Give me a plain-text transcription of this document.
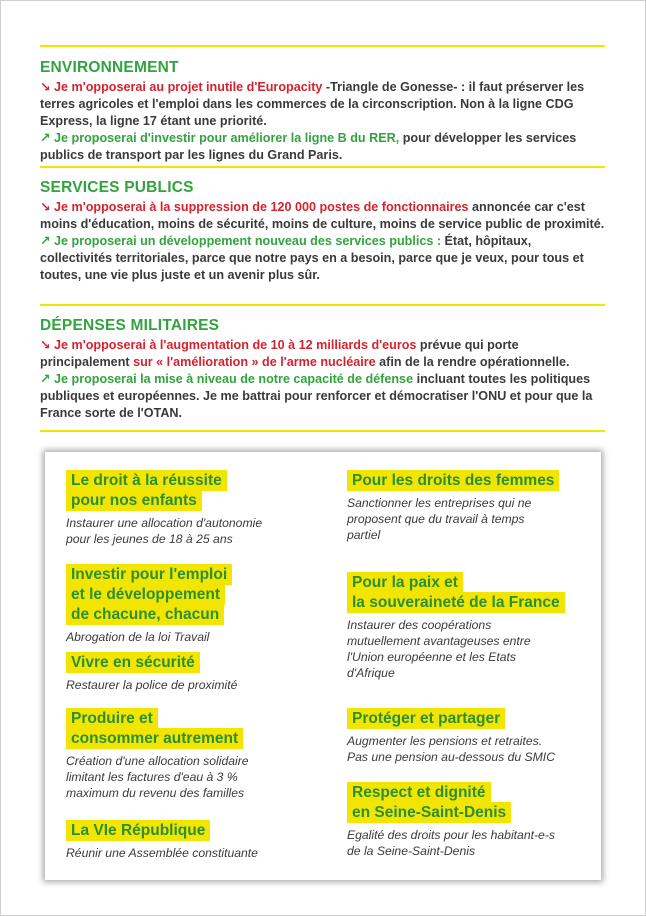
ENVIRONNEMENT

↘ Je m'opposerai au projet inutile d'Europacity -Triangle de Gonesse- : il faut préserver les terres agricoles et l'emploi dans les commerces de la circonscription. Non à la ligne CDG Express, la ligne 17 étant une priorité.

↗ Je proposerai d'investir pour améliorer la ligne B du RER, pour développer les services publics de transport par les lignes du Grand Paris.

SERVICES PUBLICS

↘ Je m'opposerai à la suppression de 120 000 postes de fonctionnaires annoncée car c'est moins d'éducation, moins de sécurité, moins de culture, moins de service public de proximité.

↗ Je proposerai un développement nouveau des services publics : État, hôpitaux, collectivités territoriales, parce que notre pays en a besoin, parce que je veux, pour tous et toutes, une vie plus juste et un avenir plus sûr.

DÉPENSES MILITAIRES

↘ Je m'opposerai à l'augmentation de 10 à 12 milliards d'euros prévue qui porte principalement sur « l'amélioration » de l'arme nucléaire afin de la rendre opérationnelle.

↗ Je proposerai la mise à niveau de notre capacité de défense incluant toutes les politiques publiques et européennes. Je me battrai pour renforcer et démocratiser l'ONU et pour que la France sorte de l'OTAN.

Le droit à la réussite
pour nos enfants
Instaurer une allocation d'autonomie
pour les jeunes de 18 à 25 ans
Investir pour l'emploi
et le développement
de chacune, chacun
Abrogation de la loi Travail
Vivre en sécurité
Restaurer la police de proximité
Produire et
consommer autrement
Création d'une allocation solidaire
limitant les factures d'eau à 3 %
maximum du revenu des familles
La VIe République
Réunir une Assemblée constituante
Pour les droits des femmes
Sanctionner les entreprises qui ne
proposent que du travail à temps
partiel
Pour la paix et
la souveraineté de la France
Instaurer des coopérations
mutuellement avantageuses entre
l'Union européenne et les Etats
d'Afrique
Protéger et partager
Augmenter les pensions et retraites.
Pas une pension au-dessous du SMIC
Respect et dignité
en Seine-Saint-Denis
Egalité des droits pour les habitant-e-s
de la Seine-Saint-Denis
